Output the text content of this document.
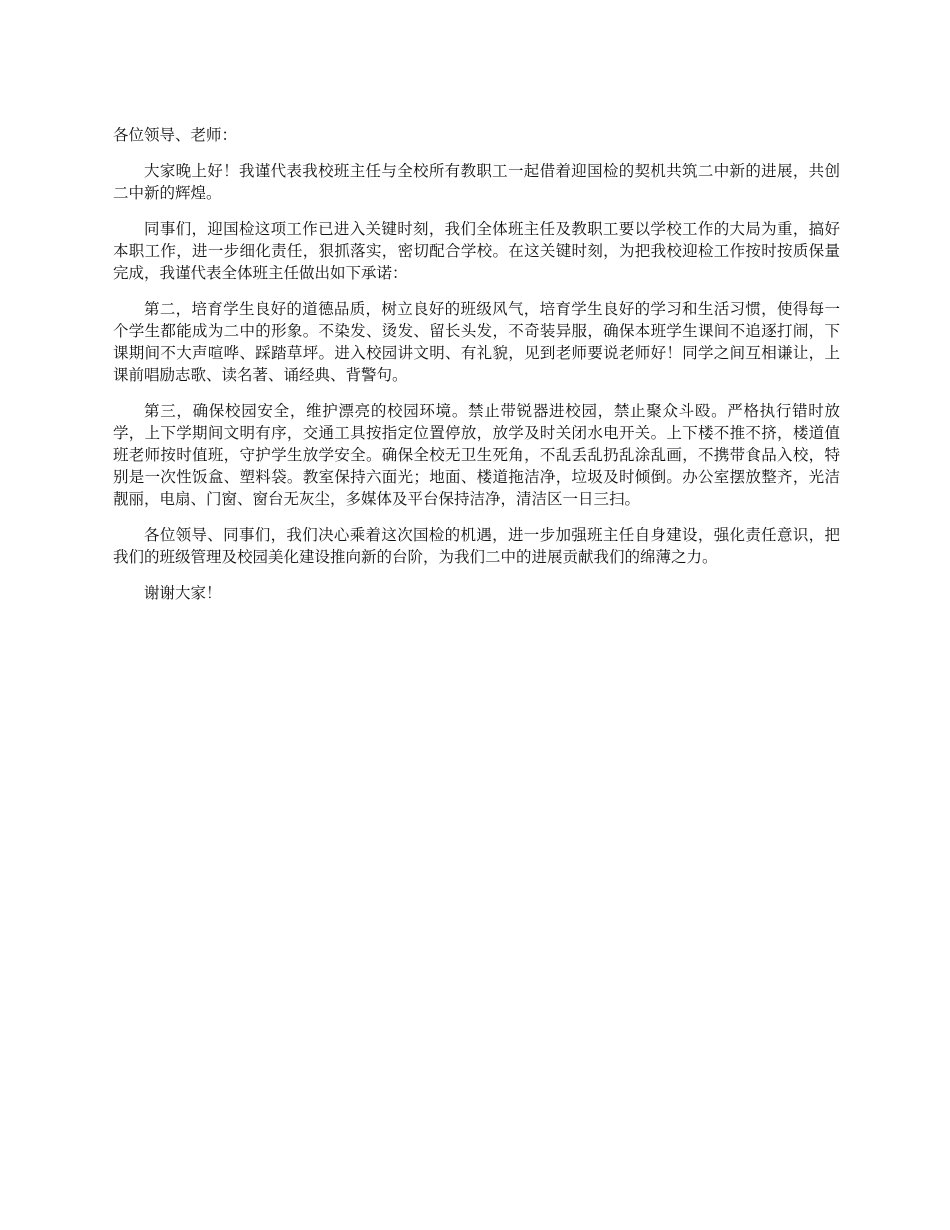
各位领导、老师：

大家晚上好！我谨代表我校班主任与全校所有教职工一起借着迎国检的契机共筑二中新的进展，共创二中新的辉煌。

同事们，迎国检这项工作已进入关键时刻，我们全体班主任及教职工要以学校工作的大局为重，搞好本职工作，进一步细化责任，狠抓落实，密切配合学校。在这关键时刻，为把我校迎检工作按时按质保量完成，我谨代表全体班主任做出如下承诺：

第二，培育学生良好的道德品质，树立良好的班级风气，培育学生良好的学习和生活习惯，使得每一个学生都能成为二中的形象。不染发、烫发、留长头发，不奇装异服，确保本班学生课间不追逐打闹，下课期间不大声喧哗、踩踏草坪。进入校园讲文明、有礼貌，见到老师要说老师好！同学之间互相谦让，上课前唱励志歌、读名著、诵经典、背警句。

第三，确保校园安全，维护漂亮的校园环境。禁止带锐器进校园，禁止聚众斗殴。严格执行错时放学，上下学期间文明有序，交通工具按指定位置停放，放学及时关闭水电开关。上下楼不推不挤，楼道值班老师按时值班，守护学生放学安全。确保全校无卫生死角，不乱丢乱扔乱涂乱画，不携带食品入校，特别是一次性饭盒、塑料袋。教室保持六面光；地面、楼道拖洁净，垃圾及时倾倒。办公室摆放整齐，光洁靓丽，电扇、门窗、窗台无灰尘，多媒体及平台保持洁净，清洁区一日三扫。

各位领导、同事们，我们决心乘着这次国检的机遇，进一步加强班主任自身建设，强化责任意识，把我们的班级管理及校园美化建设推向新的台阶，为我们二中的进展贡献我们的绵薄之力。

谢谢大家！
